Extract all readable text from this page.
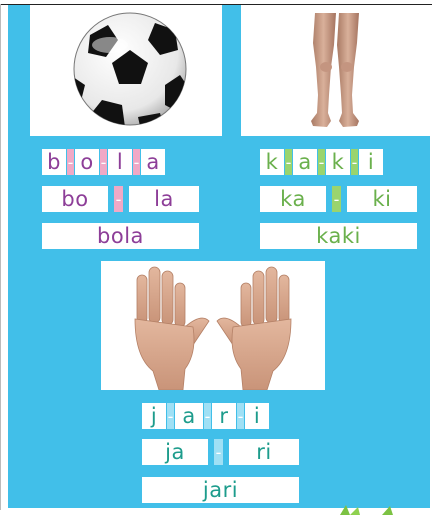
b - o - l - a
bo	-	la
bola
k - a - k - i
ka	-	ki
kaki
j - a - r - i
ja	-	ri
jari
